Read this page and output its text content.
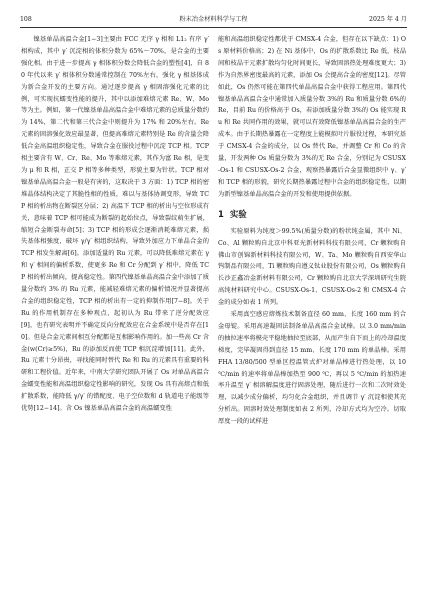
108	粉末冶金材料科学与工程	2025 年 4 月

镍基单晶高温合金[1−3]主要由 FCC 无序 γ 相和 L1₂ 有序 γ′ 相构成，其中 γ′ 沉淀相的体积分数为 65%～70%，是合金的主要强化相。由于进一步提高 γ 相体积分数会降低合金的塑性[4]，自 80 年代以来 γ′ 相体积分数通常控制在 70%左右，强化 γ 相基体成为新合金开发的主要方向。通过逐步提高 γ 相固溶强化元素的比例，可实现抗蠕变性能的提升，其中以添加难熔元素 Re、W、Mo 等为主。例如，第一代镍基单晶高温合金中难熔元素的总质量分数约为 14%，第二代和第三代合金中则提升为 17% 和 20%左右。Re 元素的固溶强化效应最显著，但提高难熔元素特别是 Re 的含量会降低合金高温组织稳定性，导致合金在服役过程中沉淀 TCP 相。TCP 相主要含有 W、Cr、Re、Mo 等难熔元素，其作为富 Re 相，是变为 μ 和 R 相，正交 P 相等多种类型，形貌主要为针状。TCP 相对镍基单晶高温合金一般是有害的，这取决于 3 方面：1) TCP 相的密堆晶体结构决定了其脆性相的性质，难以与基体协调变形，导致 TCP 相的析出物在断裂区分层；2) 高温下 TCP 相的析出与空位形成有关，意味着 TCP 相可能成为断裂的起始位点，导致裂纹萌生扩展，缩短合金断裂寿命[5]；3) TCP 相的形成会逐渐消耗难熔元素，损失基体相強度，破坏 γ/γ′ 相组织结构，导致外加应力下单晶合金的 TCP 相发生解离[6]。添加适量的 Ru 元素，可以降低难熔元素在 γ 和 γ′ 相间的偏析系数，使更多 Re 和 Cr 分配到 γ′ 相中，降低 TCP 相的析出倾向，提高稳定性。第四代镍基单晶高温合金中添加了质量分数约 3% 的 Ru 元素，能减轻难熔元素的偏析情况并显著提高合金的组织稳定性，TCP 相的析出有一定的抑制作用[7−8]。关于 Ru 的作用机制存在多种观点，起初认为 Ru 带来了逆分配效应[9]，也有研究表明并不确定反向分配效应在合金系统中是否存在[10]。但是合金元素间相互分配都是互相影响作用的。加一些高 Cr 含金(w(Cr)≥5%)，Ru 的添加反而使 TCP 相沉淀增加[11]。此外，Ru 元素十分昂贵，寻找能同时替代 Re 和 Ru 的元素具有重要的科研和工程价值。近年来，中南大学研究团队开展了 Os 对单晶高温合金蠕变性能和高温组织稳定性影响的研究，发现 Os 具有高熔点和低扩散系数，能降低 γ/γ′ 的错配度、电子空位数和 d 轨道电子能级等优势[12−14]。含 Os 镍基单晶高温合金的高温蠕变性

能和高温组织稳定性都优于 CMSX-4 合金，但存在以下缺点：1) Os 原材料价格高；2) 在 Ni 基体中，Os 的扩散系数比 Re 低，枝晶间和枝晶干元素扩散均匀化时间更长，导致固溶热处理难度更大；3) 作为自然界密度最高的元素，添加 Os 会提高合金的密度[12]。尽管如此，Os 仍然可能在第四代单晶高温合金中获得工程应用。第四代镍基单晶高温合金中通常加入质量分数 3%的 Ru 和质量分数 6%的 Re，目前 Ru 的价格高于 Os，若添加质量分数 3%的 Os 能实现 Ru 和 Re 共同作用的效果，就可以有效降低镍基单晶高温合金的生产成本。由于长期热暴露在一定程度上能模拟叶片服役过程，本研究基于 CMSX-4 合金的成分，以 Os 替代 Re，并调整 Cr 和 Co 的含量，开发两种 Os 质量分数为 3%的无 Re 合金，分别记为 CSUSX-Os-1 和 CSUSX-Os-2 合金，观察热暴露后合金显微组织中 γ、γ′ 和 TCP 相的形貌，研究长期热暴露过程中合金的组织稳定性，以期为新型镍基单晶高温合金的开发和使用提供依据。

1 实验

实验原料为纯度＞99.5%(质量分数)的粉状纯金属，其中 Ni、Co、Al 颗粒购自北京中科亚光新材料科技有限公司，Cr 颗粒购自佛山市创锦新材料科技有限公司，W、Ta、Mo 颗粒购自西安华山钨制品有限公司，Ti 颗粒购自遵义钛业股份有限公司，Os 颗粒购自长沙正鑫冶金新材料有限公司，Cr 颗粒购自北京大学深圳研究生院高纯材料研究中心。CSUSX-Os-1、CSUSX-Os-2 和 CMSX-4 合金的成分如表 1 所列。

采用真空感应熔炼技术制备直径 60 mm、长度 160 mm 的合金母锭。采用高速凝固法制备单晶高温合金试棒。以 3.0 mm/min 的抽拉速率将模壳平稳地抽拉至底部，从而产生自下而上的冷却温度梯度，完毕凝固得到直径 15 mm、长度 170 mm 的单晶棒。采用 FHA 13/80/500 型单区控温管式炉对单晶棒进行热处理，以 10 ℃/min 的速率将单晶棒加热至 900 ℃，再以 5 ℃/min 的加热速率升温至 γ′ 相溶解温度进行固溶处理，随后进行一次和二次时效处理，以减少成分偏析，均匀化合金组织，并且调节 γ′ 沉淀相使其充分析出。固溶时效处理制度如表 2 所列，冷却方式均为空冷。切取厚度一段的试样进
